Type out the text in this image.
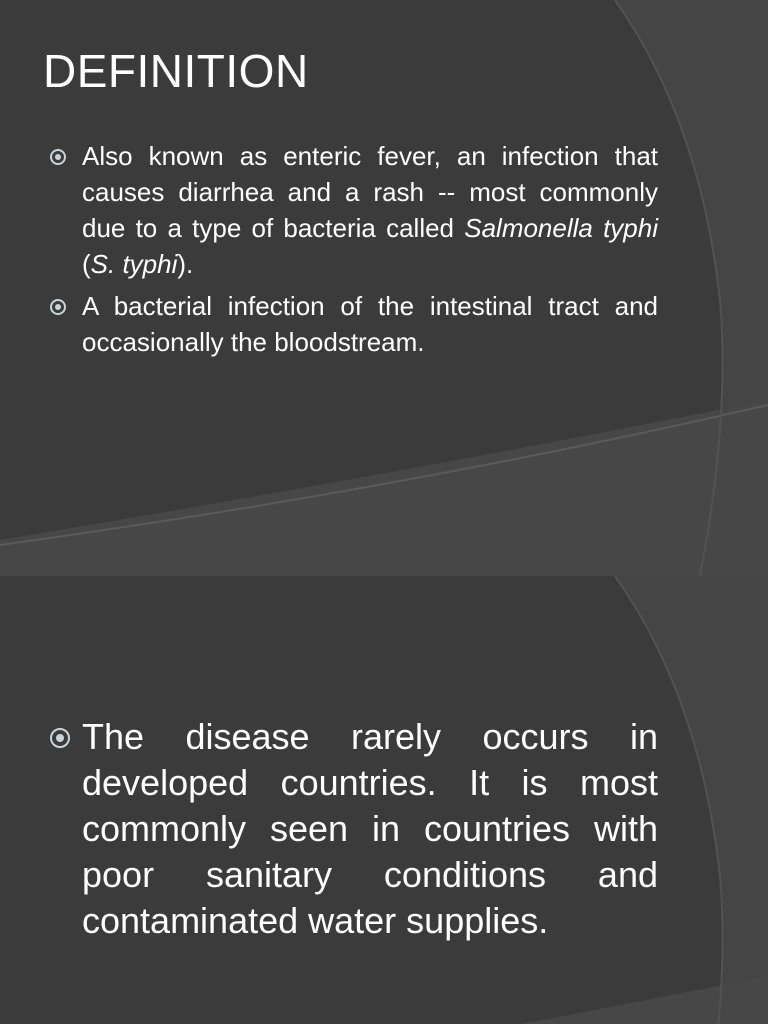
DEFINITION
Also known as enteric fever, an infection that causes diarrhea and a rash -- most commonly due to a type of bacteria called Salmonella typhi (S. typhi).
A bacterial infection of the intestinal tract and occasionally the bloodstream.
The disease rarely occurs in developed countries. It is most commonly seen in countries with poor sanitary conditions and contaminated water supplies.
